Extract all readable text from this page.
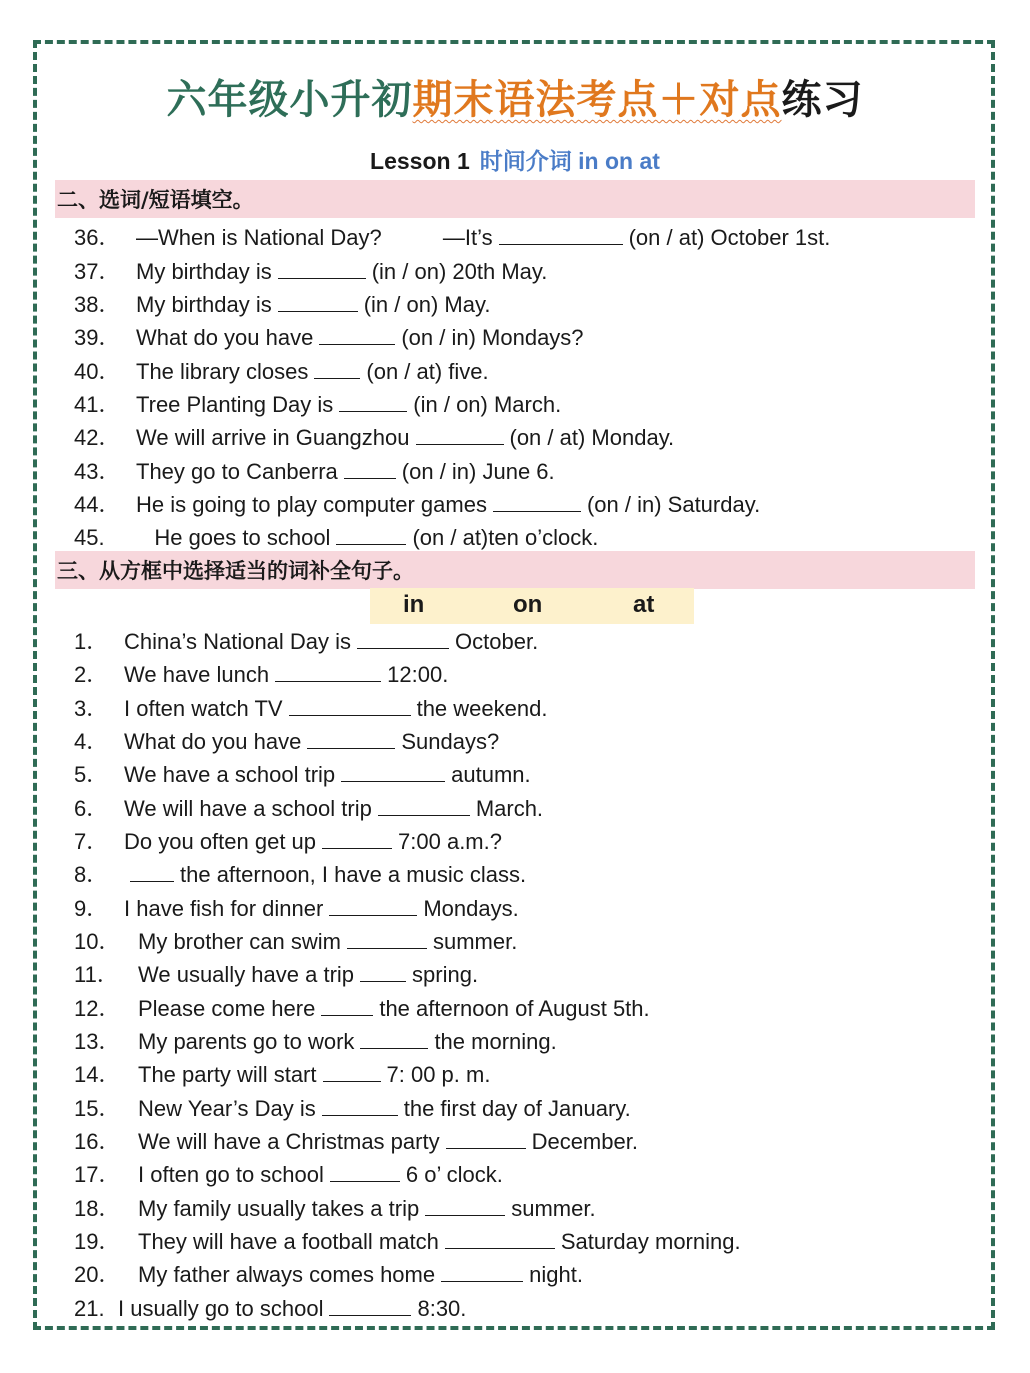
六年级小升初期末语法考点＋对点练习
Lesson 1 时间介词 in on at
二、选词/短语填空。
36． —When is National Day?          —It’s	(on / at) October 1st.
37． My birthday is	(in / on) 20th May.
38． My birthday is	(in / on) May.
39． What do you have	(on / in) Mondays?
40． The library closes	(on / at) five.
41． Tree Planting Day is	(in / on) March.
42． We will arrive in Guangzhou	(on / at) Monday.
43． They go to Canberra	(on / in) June 6.
44． He is going to play computer games	(on / in) Saturday.
45.   He goes to school	(on / at)ten o’clock.
三、从方框中选择适当的词补全句子。
in	on	at
1． China’s National Day is	October.
2． We have lunch	12:00.
3． I often watch TV	the weekend.
4． What do you have	Sundays?
5． We have a school trip	autumn.
6． We will have a school trip	March.
7． Do you often get up	7:00 a.m.?
8．	the afternoon, I have a music class.
9． I have fish for dinner	Mondays.
10． My brother can swim	summer.
11． We usually have a trip	spring.
12． Please come here	the afternoon of August 5th.
13． My parents go to work	the morning.
14． The party will start	7: 00 p. m.
15． New Year’s Day is	the first day of January.
16． We will have a Christmas party	December.
17． I often go to school	6 o’ clock.
18． My family usually takes a trip	summer.
19． They will have a football match	Saturday morning.
20． My father always comes home	night.
21. I usually go to school	8:30.
